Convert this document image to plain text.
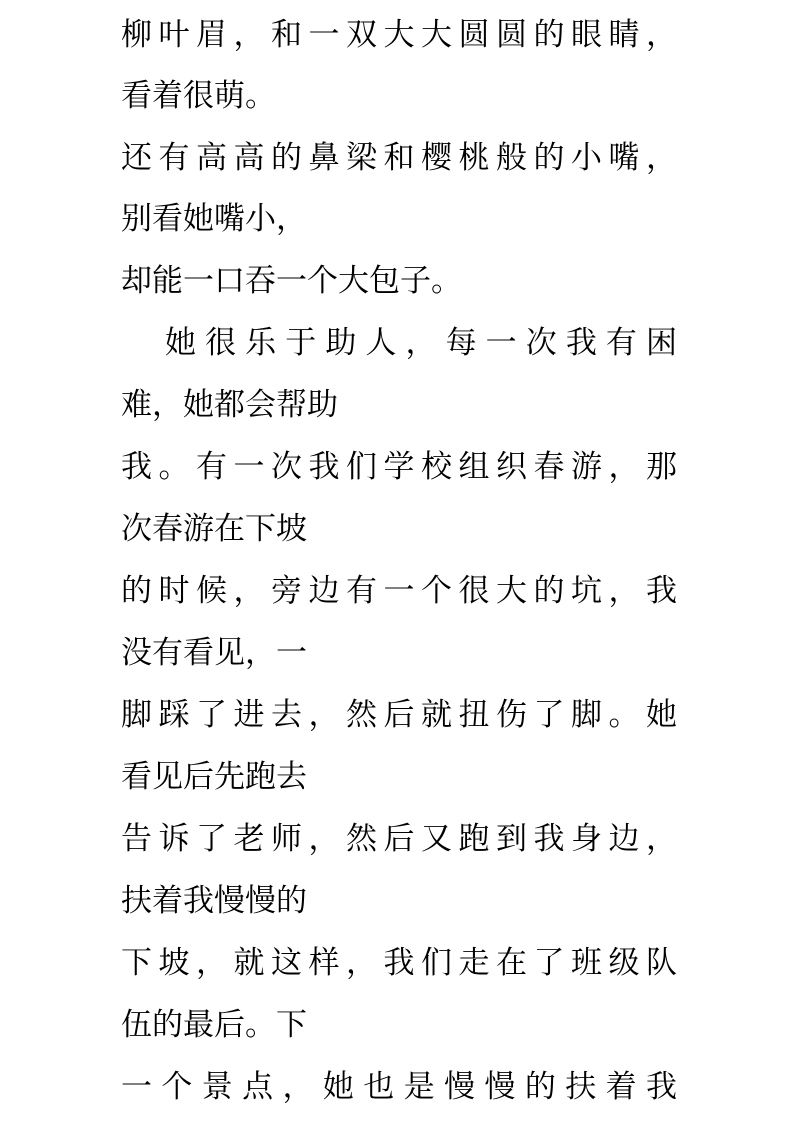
柳叶眉，和一双大大圆圆的眼睛，
看着很萌。
还有高高的鼻梁和樱桃般的小嘴，
别看她嘴小，
却能一口吞一个大包子。
她很乐于助人，每一次我有困
难，她都会帮助
我。有一次我们学校组织春游，那
次春游在下坡
的时候，旁边有一个很大的坑，我
没有看见，一
脚踩了进去，然后就扭伤了脚。她
看见后先跑去
告诉了老师，然后又跑到我身边，
扶着我慢慢的
下坡，就这样，我们走在了班级队
伍的最后。下
一个景点，她也是慢慢的扶着我
